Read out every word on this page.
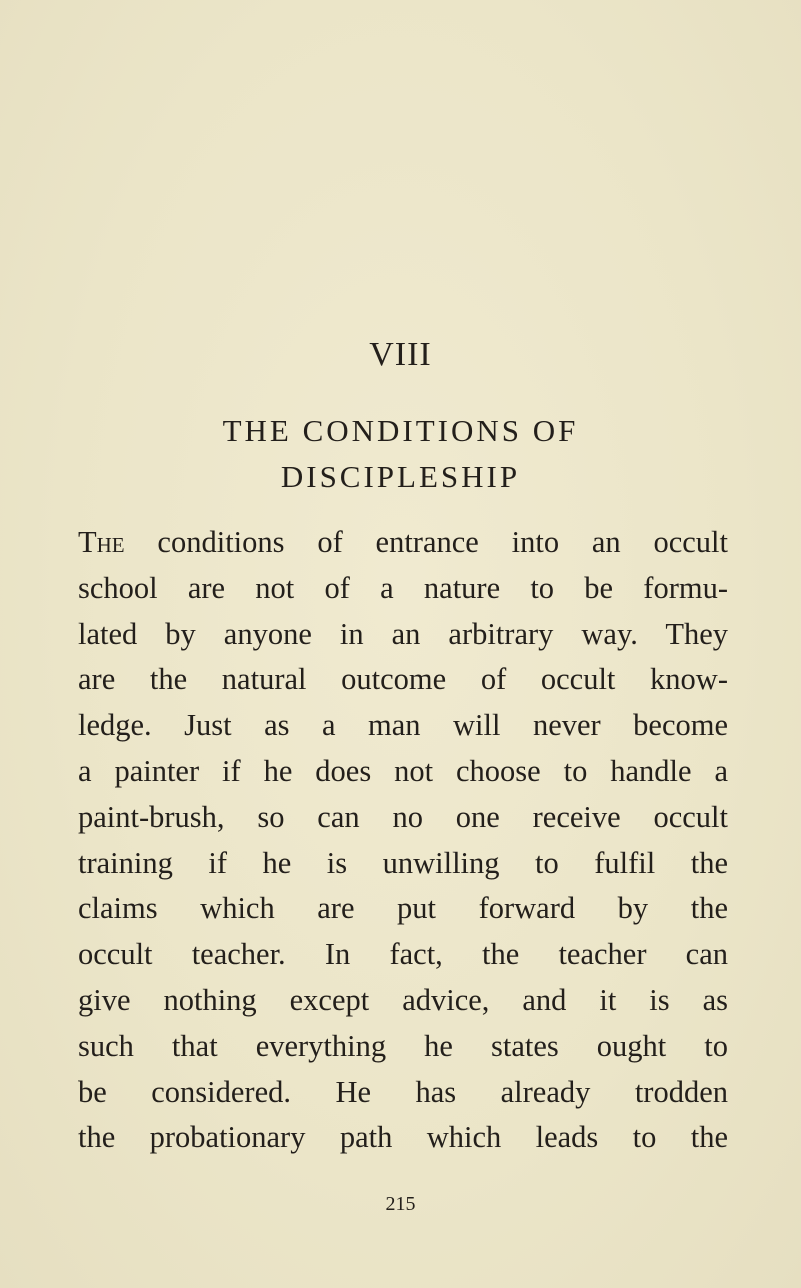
VIII
THE CONDITIONS OF
DISCIPLESHIP
The conditions of entrance into an occult
school are not of a nature to be formu-
lated by anyone in an arbitrary way. They
are the natural outcome of occult know-
ledge. Just as a man will never become
a painter if he does not choose to handle a
paint-brush, so can no one receive occult
training if he is unwilling to fulfil the
claims which are put forward by the
occult teacher. In fact, the teacher can
give nothing except advice, and it is as
such that everything he states ought to
be considered. He has already trodden
the probationary path which leads to the
215
